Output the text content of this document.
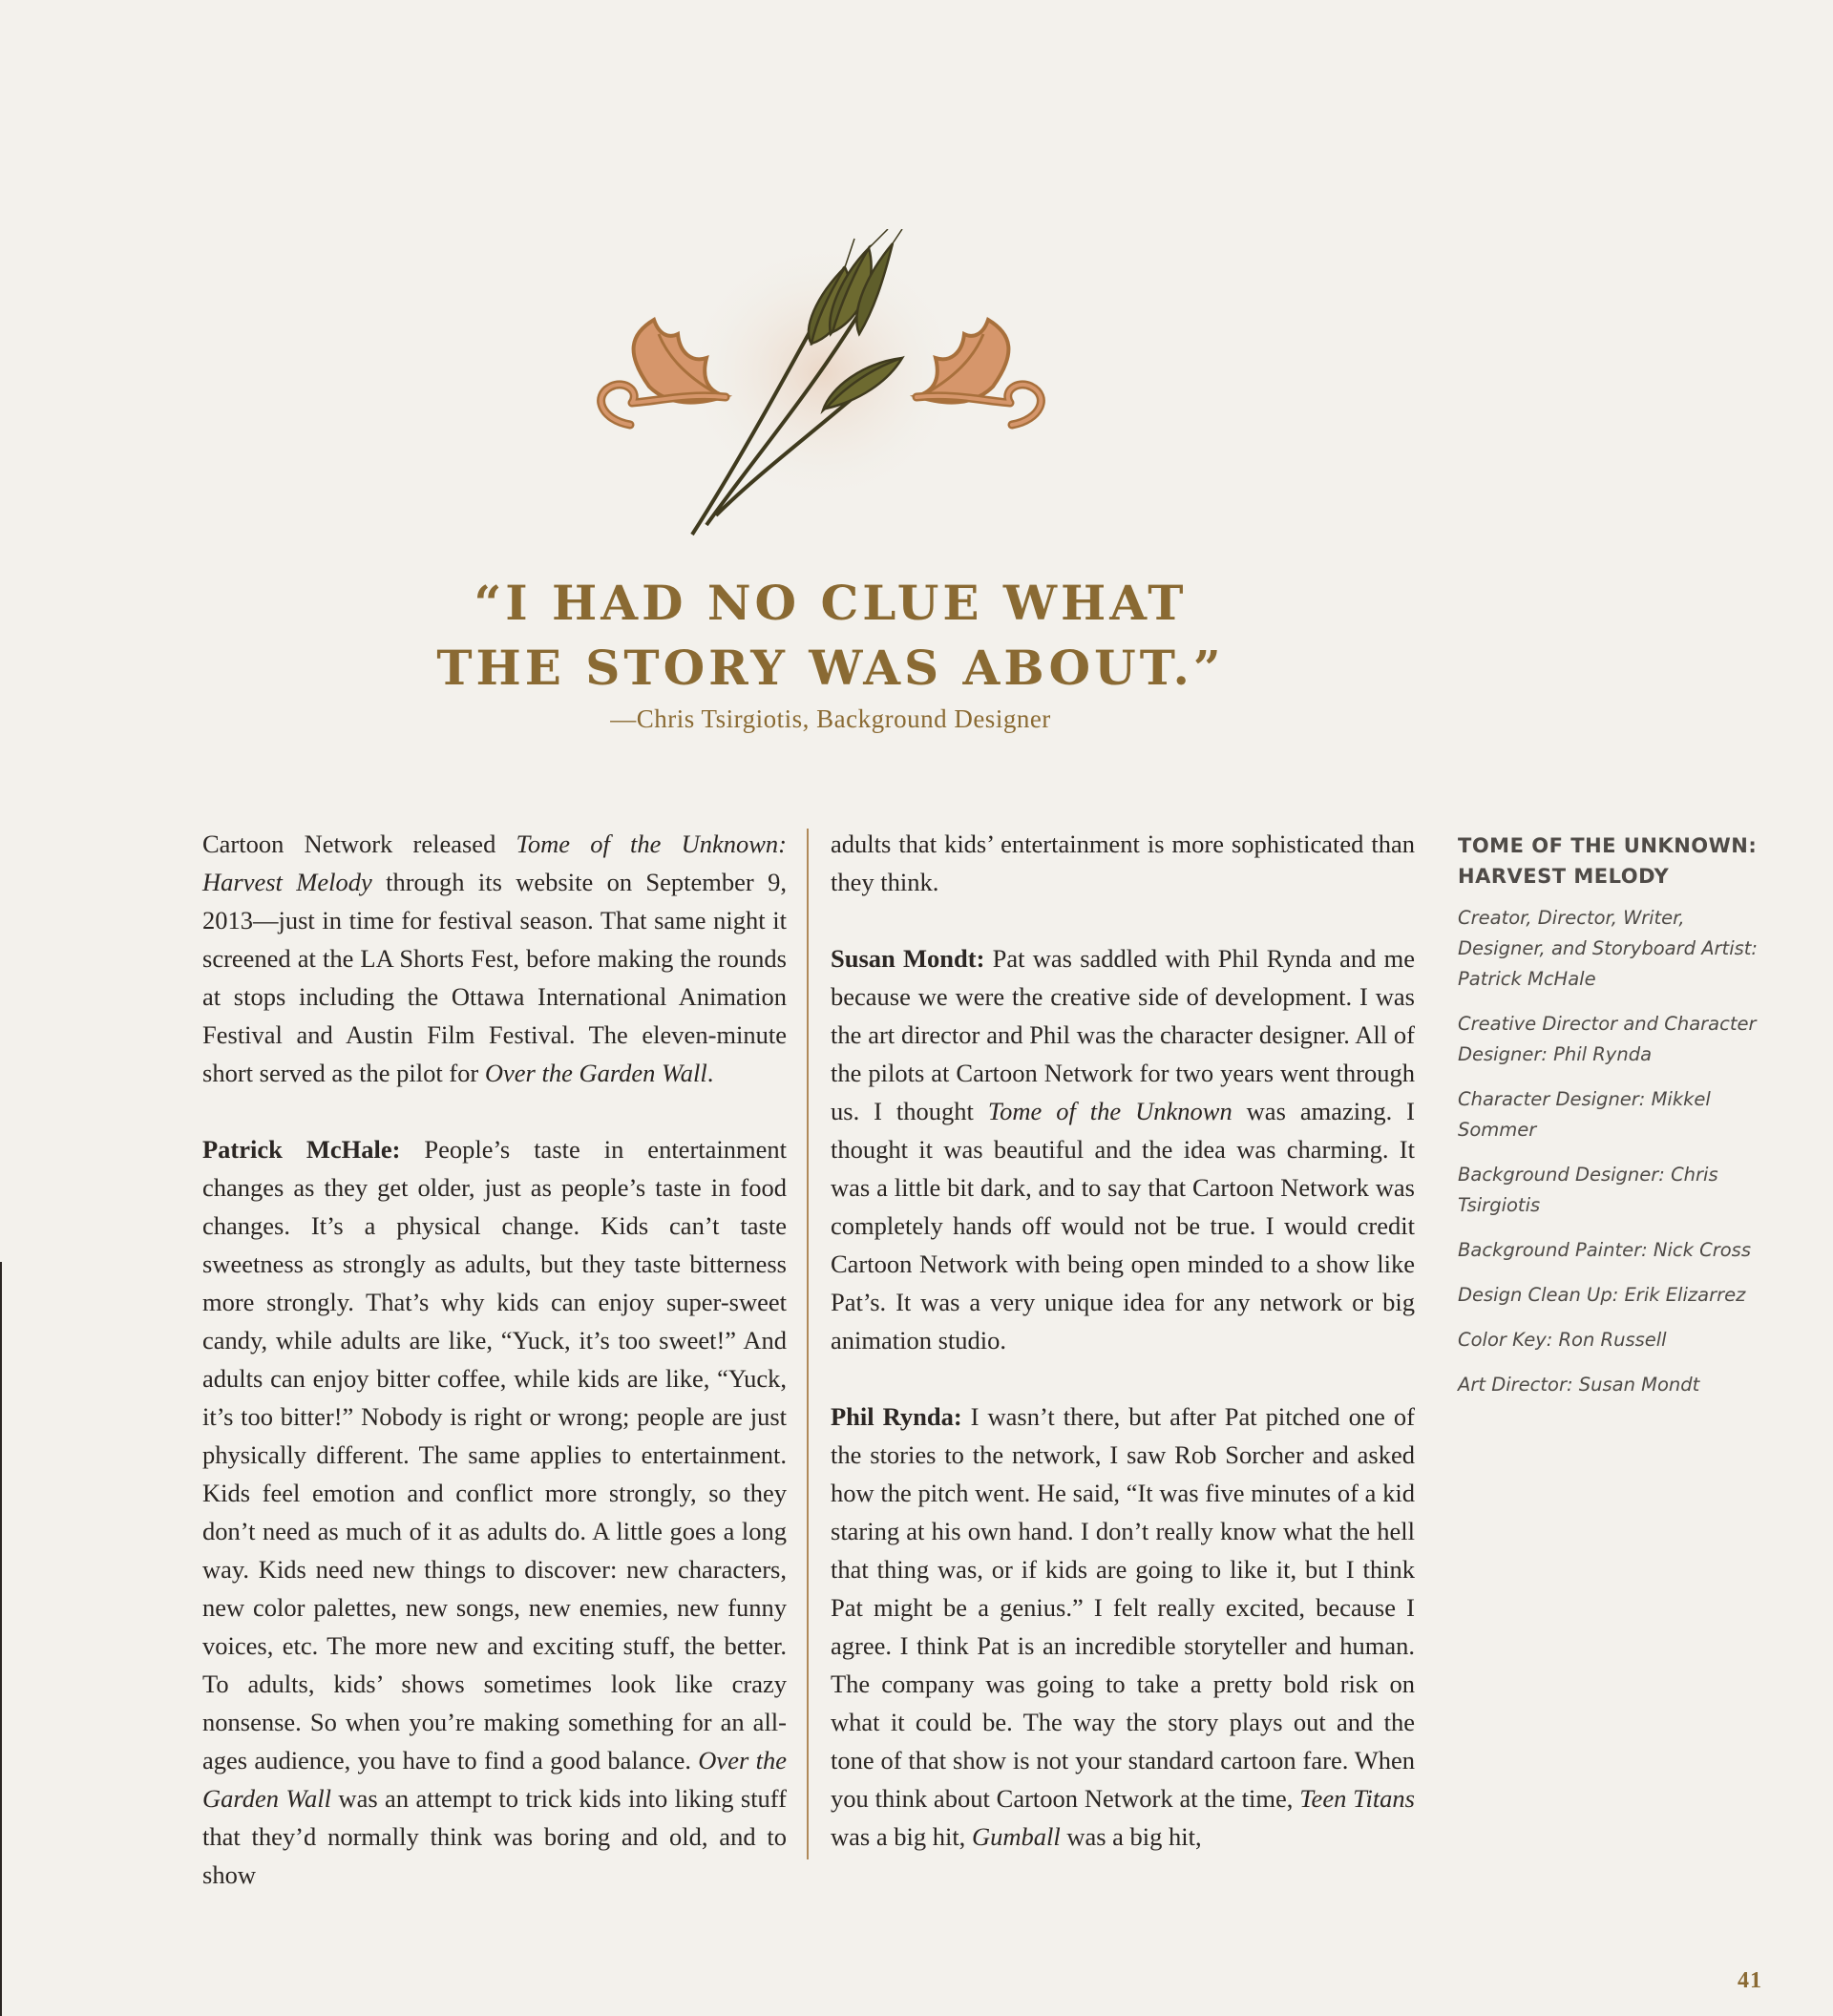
“I HAD NO CLUE WHAT
THE STORY WAS ABOUT.”
—Chris Tsirgiotis, Background Designer

Cartoon Network released Tome of the Unknown: Harvest Melody through its website on September 9, 2013—just in time for festival season. That same night it screened at the LA Shorts Fest, before making the rounds at stops including the Ottawa International Animation Festival and Austin Film Festival. The eleven-minute short served as the pilot for Over the Garden Wall.

Patrick McHale: People’s taste in entertainment changes as they get older, just as people’s taste in food changes. It’s a physical change. Kids can’t taste sweetness as strongly as adults, but they taste bitterness more strongly. That’s why kids can enjoy super-sweet candy, while adults are like, “Yuck, it’s too sweet!” And adults can enjoy bitter coffee, while kids are like, “Yuck, it’s too bitter!” Nobody is right or wrong; people are just physically different. The same applies to entertainment. Kids feel emotion and conflict more strongly, so they don’t need as much of it as adults do. A little goes a long way. Kids need new things to discover: new characters, new color palettes, new songs, new enemies, new funny voices, etc. The more new and exciting stuff, the better. To adults, kids’ shows sometimes look like crazy nonsense. So when you’re making something for an all-ages audience, you have to find a good balance. Over the Garden Wall was an attempt to trick kids into liking stuff that they’d normally think was boring and old, and to show

adults that kids’ entertainment is more sophisticated than they think.

Susan Mondt: Pat was saddled with Phil Rynda and me because we were the creative side of development. I was the art director and Phil was the character designer. All of the pilots at Cartoon Network for two years went through us. I thought Tome of the Unknown was amazing. I thought it was beautiful and the idea was charming. It was a little bit dark, and to say that Cartoon Network was completely hands off would not be true. I would credit Cartoon Network with being open minded to a show like Pat’s. It was a very unique idea for any network or big animation studio.

Phil Rynda: I wasn’t there, but after Pat pitched one of the stories to the network, I saw Rob Sorcher and asked how the pitch went. He said, “It was five minutes of a kid staring at his own hand. I don’t really know what the hell that thing was, or if kids are going to like it, but I think Pat might be a genius.” I felt really excited, because I agree. I think Pat is an incredible storyteller and human. The company was going to take a pretty bold risk on what it could be. The way the story plays out and the tone of that show is not your standard cartoon fare. When you think about Cartoon Network at the time, Teen Titans was a big hit, Gumball was a big hit,

TOME OF THE UNKNOWN: HARVEST MELODY
Creator, Director, Writer, Designer, and Storyboard Artist: Patrick McHale
Creative Director and Character Designer: Phil Rynda
Character Designer: Mikkel Sommer
Background Designer: Chris Tsirgiotis
Background Painter: Nick Cross
Design Clean Up: Erik Elizarrez
Color Key: Ron Russell
Art Director: Susan Mondt
41
